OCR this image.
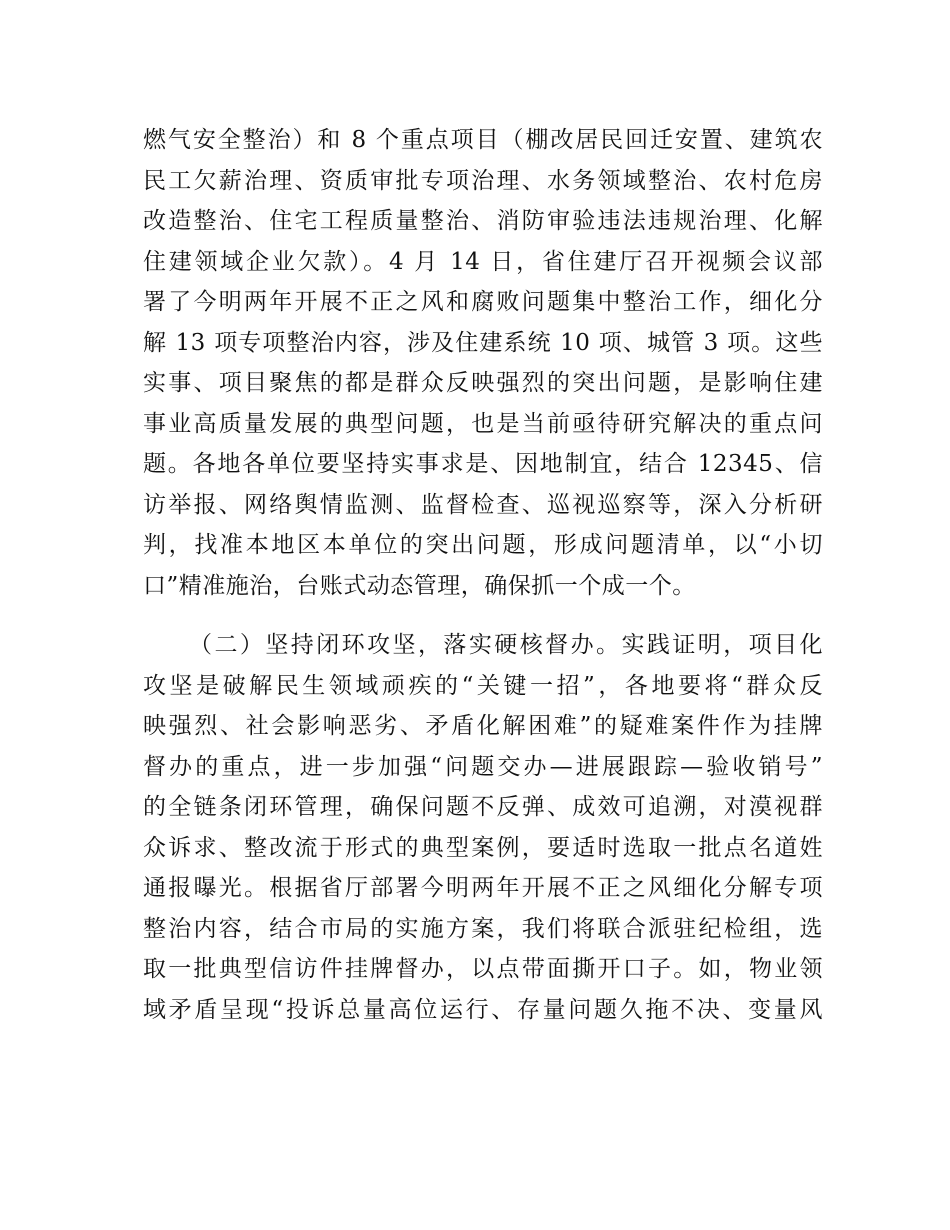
燃气安全整治）和 8 个重点项目（棚改居民回迁安置、建筑农
民工欠薪治理、资质审批专项治理、水务领域整治、农村危房
改造整治、住宅工程质量整治、消防审验违法违规治理、化解
住建领域企业欠款）。4 月 14 日，省住建厅召开视频会议部
署了今明两年开展不正之风和腐败问题集中整治工作，细化分
解 13 项专项整治内容，涉及住建系统 10 项、城管 3 项。这些
实事、项目聚焦的都是群众反映强烈的突出问题，是影响住建
事业高质量发展的典型问题，也是当前亟待研究解决的重点问
题。各地各单位要坚持实事求是、因地制宜，结合 12345、信
访举报、网络舆情监测、监督检查、巡视巡察等，深入分析研
判，找准本地区本单位的突出问题，形成问题清单，以“小切
口”精准施治，台账式动态管理，确保抓一个成一个。
（二）坚持闭环攻坚，落实硬核督办。实践证明，项目化
攻坚是破解民生领域顽疾的“关键一招”，各地要将“群众反
映强烈、社会影响恶劣、矛盾化解困难”的疑难案件作为挂牌
督办的重点，进一步加强“问题交办—进展跟踪—验收销号”
的全链条闭环管理，确保问题不反弹、成效可追溯，对漠视群
众诉求、整改流于形式的典型案例，要适时选取一批点名道姓
通报曝光。根据省厅部署今明两年开展不正之风细化分解专项
整治内容，结合市局的实施方案，我们将联合派驻纪检组，选
取一批典型信访件挂牌督办，以点带面撕开口子。如，物业领
域矛盾呈现“投诉总量高位运行、存量问题久拖不决、变量风
